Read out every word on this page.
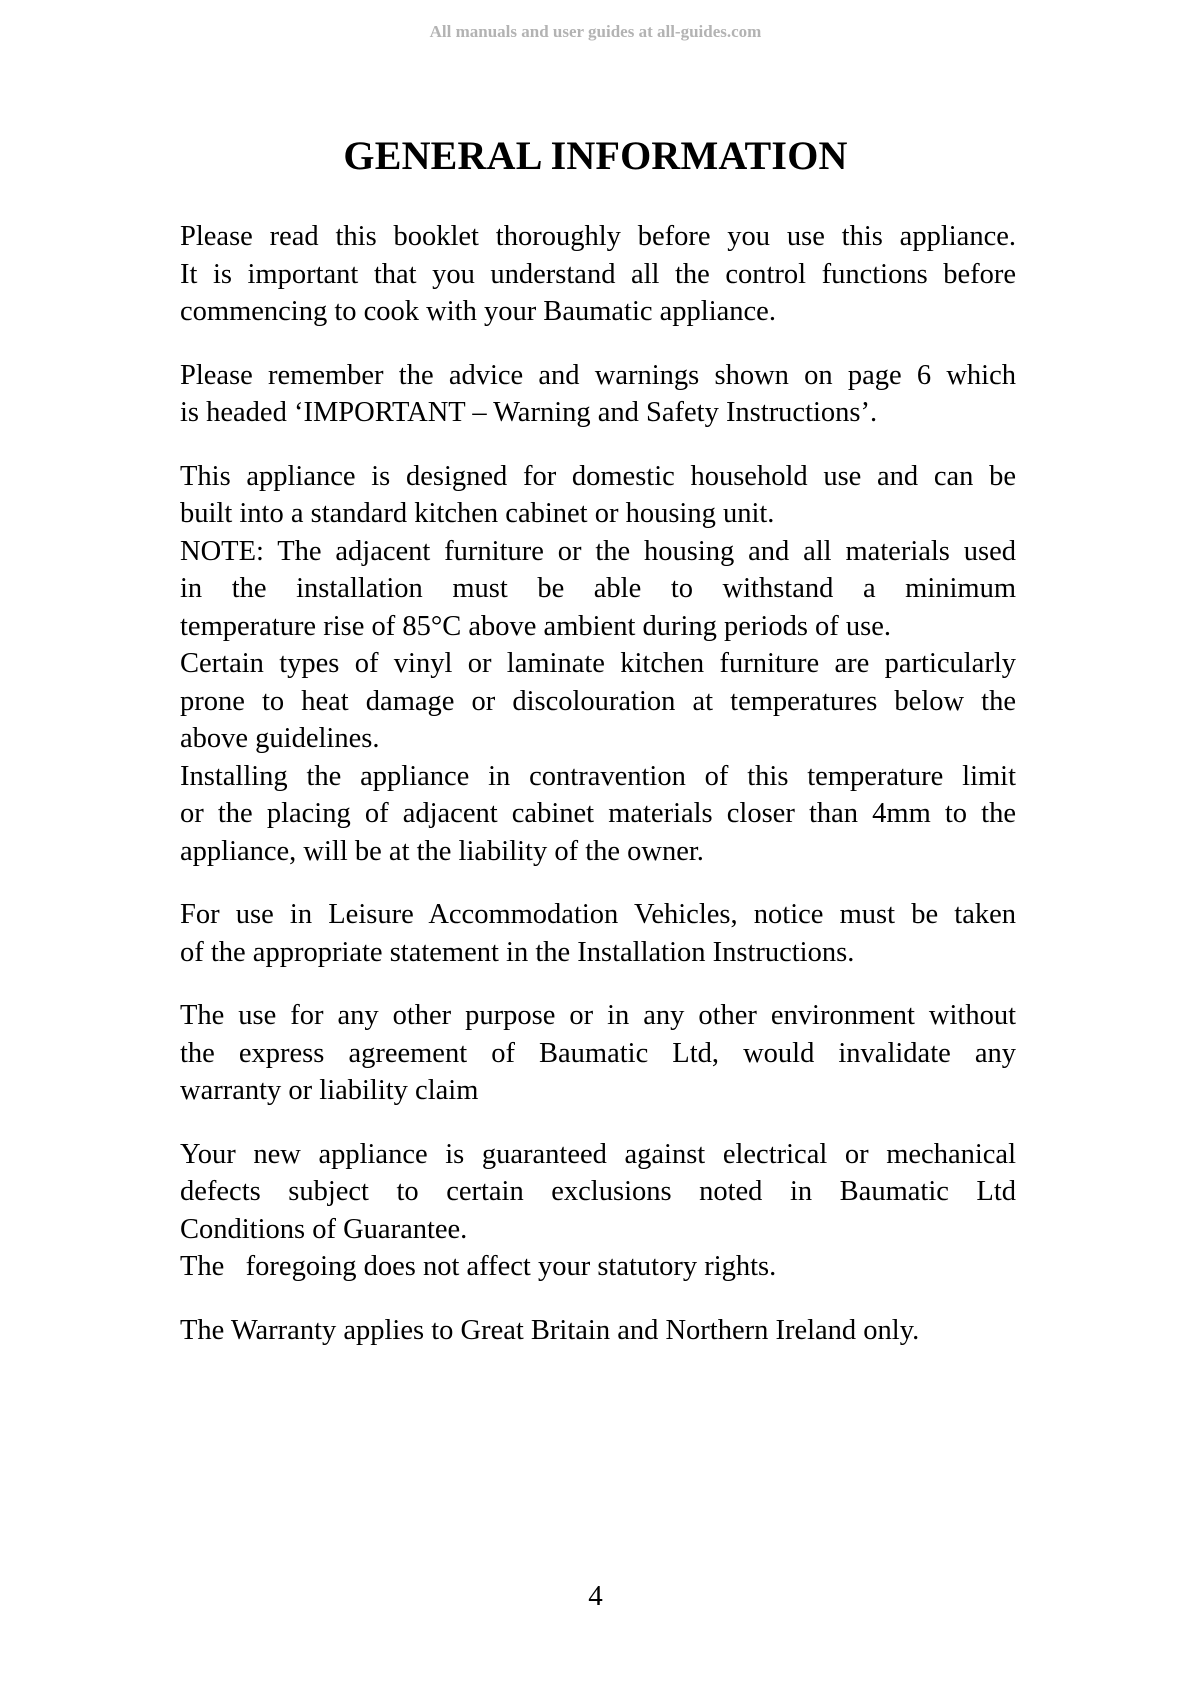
All manuals and user guides at all-guides.com
GENERAL INFORMATION

Please read this booklet thoroughly before you use this appliance.
It is important that you understand all the control functions before
commencing to cook with your Baumatic appliance.

Please remember the advice and warnings shown on page 6 which
is headed ‘IMPORTANT – Warning and Safety Instructions’.

This appliance is designed for domestic household use and can be
built into a standard kitchen cabinet or housing unit.
NOTE: The adjacent furniture or the housing and all materials used
in the installation must be able to withstand a minimum
temperature rise of 85°C above ambient during periods of use.
Certain types of vinyl or laminate kitchen furniture are particularly
prone to heat damage or discolouration at temperatures below the
above guidelines.
Installing the appliance in contravention of this temperature limit
or the placing of adjacent cabinet materials closer than 4mm to the
appliance, will be at the liability of the owner.

For use in Leisure Accommodation Vehicles, notice must be taken
of the appropriate statement in the Installation Instructions.

The use for any other purpose or in any other environment without
the express agreement of Baumatic Ltd, would invalidate any
warranty or liability claim

Your new appliance is guaranteed against electrical or mechanical
defects subject to certain exclusions noted in Baumatic Ltd
Conditions of Guarantee.
The   foregoing does not affect your statutory rights.

The Warranty applies to Great Britain and Northern Ireland only.

4
